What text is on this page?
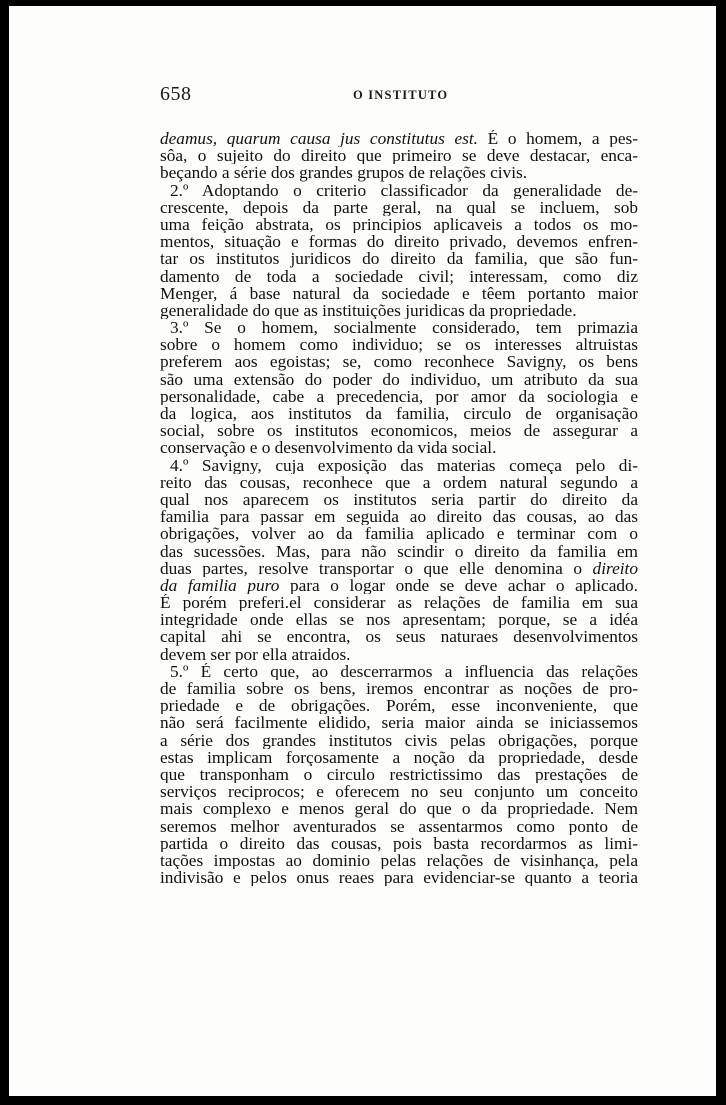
658	O INSTITUTO
deamus, quarum causa jus constitutus est. É o homem, a pes-
sôa, o sujeito do direito que primeiro se deve destacar, enca-
beçando a série dos grandes grupos de relações civis.
2.º Adoptando o criterio classificador da generalidade de-
crescente, depois da parte geral, na qual se incluem, sob
uma feição abstrata, os principios aplicaveis a todos os mo-
mentos, situação e formas do direito privado, devemos enfren-
tar os institutos juridicos do direito da familia, que são fun-
damento de toda a sociedade civil; interessam, como diz
Menger, á base natural da sociedade e têem portanto maior
generalidade do que as instituições juridicas da propriedade.
3.º Se o homem, socialmente considerado, tem primazia
sobre o homem como individuo; se os interesses altruistas
preferem aos egoistas; se, como reconhece Savigny, os bens
são uma extensão do poder do individuo, um atributo da sua
personalidade, cabe a precedencia, por amor da sociologia e
da logica, aos institutos da familia, circulo de organisação
social, sobre os institutos economicos, meios de assegurar a
conservação e o desenvolvimento da vida social.
4.º Savigny, cuja exposição das materias começa pelo di-
reito das cousas, reconhece que a ordem natural segundo a
qual nos aparecem os institutos seria partir do direito da
familia para passar em seguida ao direito das cousas, ao das
obrigações, volver ao da familia aplicado e terminar com o
das sucessões. Mas, para não scindir o direito da familia em
duas partes, resolve transportar o que elle denomina o direito
da familia puro para o logar onde se deve achar o aplicado.
É porém preferi.el considerar as relações de familia em sua
integridade onde ellas se nos apresentam; porque, se a idéa
capital ahi se encontra, os seus naturaes desenvolvimentos
devem ser por ella atraidos.
5.º É certo que, ao descerrarmos a influencia das relações
de familia sobre os bens, iremos encontrar as noções de pro-
priedade e de obrigações. Porém, esse inconveniente, que
não será facilmente elidido, seria maior ainda se iniciassemos
a série dos grandes institutos civis pelas obrigações, porque
estas implicam forçosamente a noção da propriedade, desde
que transponham o circulo restrictissimo das prestações de
serviços reciprocos; e oferecem no seu conjunto um conceito
mais complexo e menos geral do que o da propriedade. Nem
seremos melhor aventurados se assentarmos como ponto de
partida o direito das cousas, pois basta recordarmos as limi-
tações impostas ao dominio pelas relações de visinhança, pela
indivisão e pelos onus reaes para evidenciar-se quanto a teoria
